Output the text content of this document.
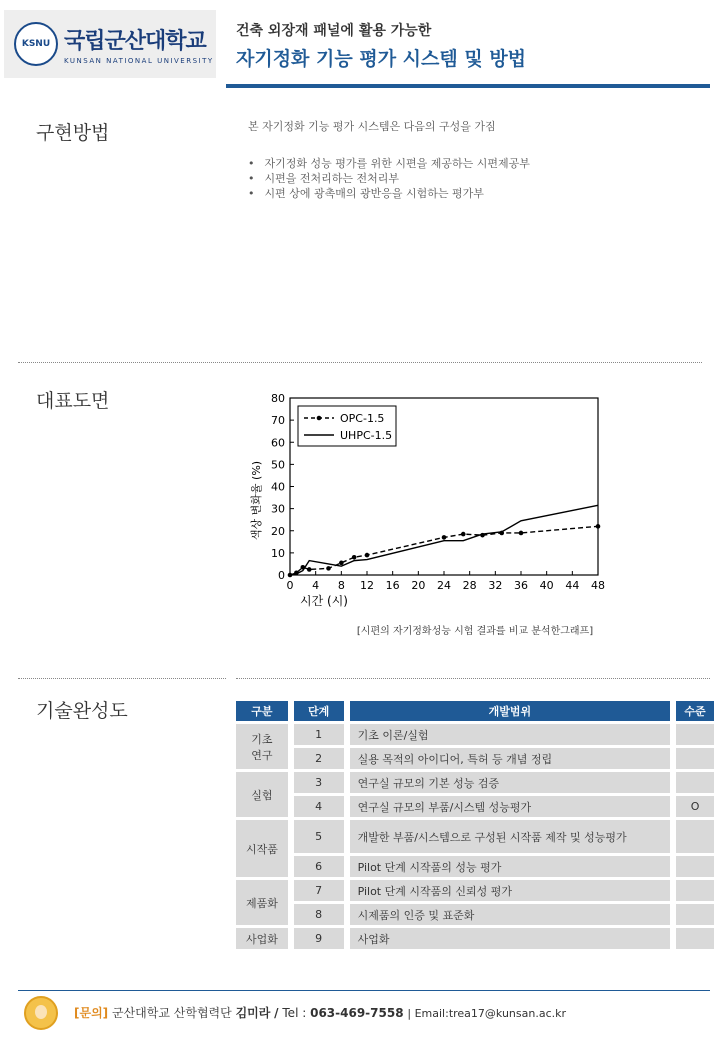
KSNU 국립군산대학교
KUNSAN NATIONAL UNIVERSITY
건축 외장재 패널에 활용 가능한
자기정화 기능 평가 시스템 및 방법
구현방법	본 자기정화 기능 평가 시스템은 다음의 구성을 가짐
• 자기정화 성능 평가를 위한 시편을 제공하는 시편제공부
• 시편을 전처리하는 전처리부
• 시편 상에 광촉매의 광반응을 시험하는 평가부
대표도면
0 4 8 12 16 20 24 28 32 36 40 44 48
0
10
20
30
40
50
60
70
80
시간 (시)
색상 변화율 (%)
OPC-1.5
UHPC-1.5
[시편의 자기정화성능 시험 결과를 비교 분석한그래프]
기술완성도	구분	단계	개발범위	수준
기초
연구	1	기초 이론/실험	
	2	실용 목적의 아이디어, 특허 등 개념 정립	
실험	3	연구실 규모의 기본 성능 검증	
	4	연구실 규모의 부품/시스템 성능평가	O
시작품	5	개발한 부품/시스템으로 구성된 시작품 제작 및 성능평가	
	6	Pilot 단계 시작품의 성능 평가	
제품화	7	Pilot 단계 시작품의 신뢰성 평가	
	8	시제품의 인증 및 표준화	
사업화	9	사업화	
[문의] 군산대학교 산학협력단 김미라 / Tel : 063-469-7558 | Email:trea17@kunsan.ac.kr
